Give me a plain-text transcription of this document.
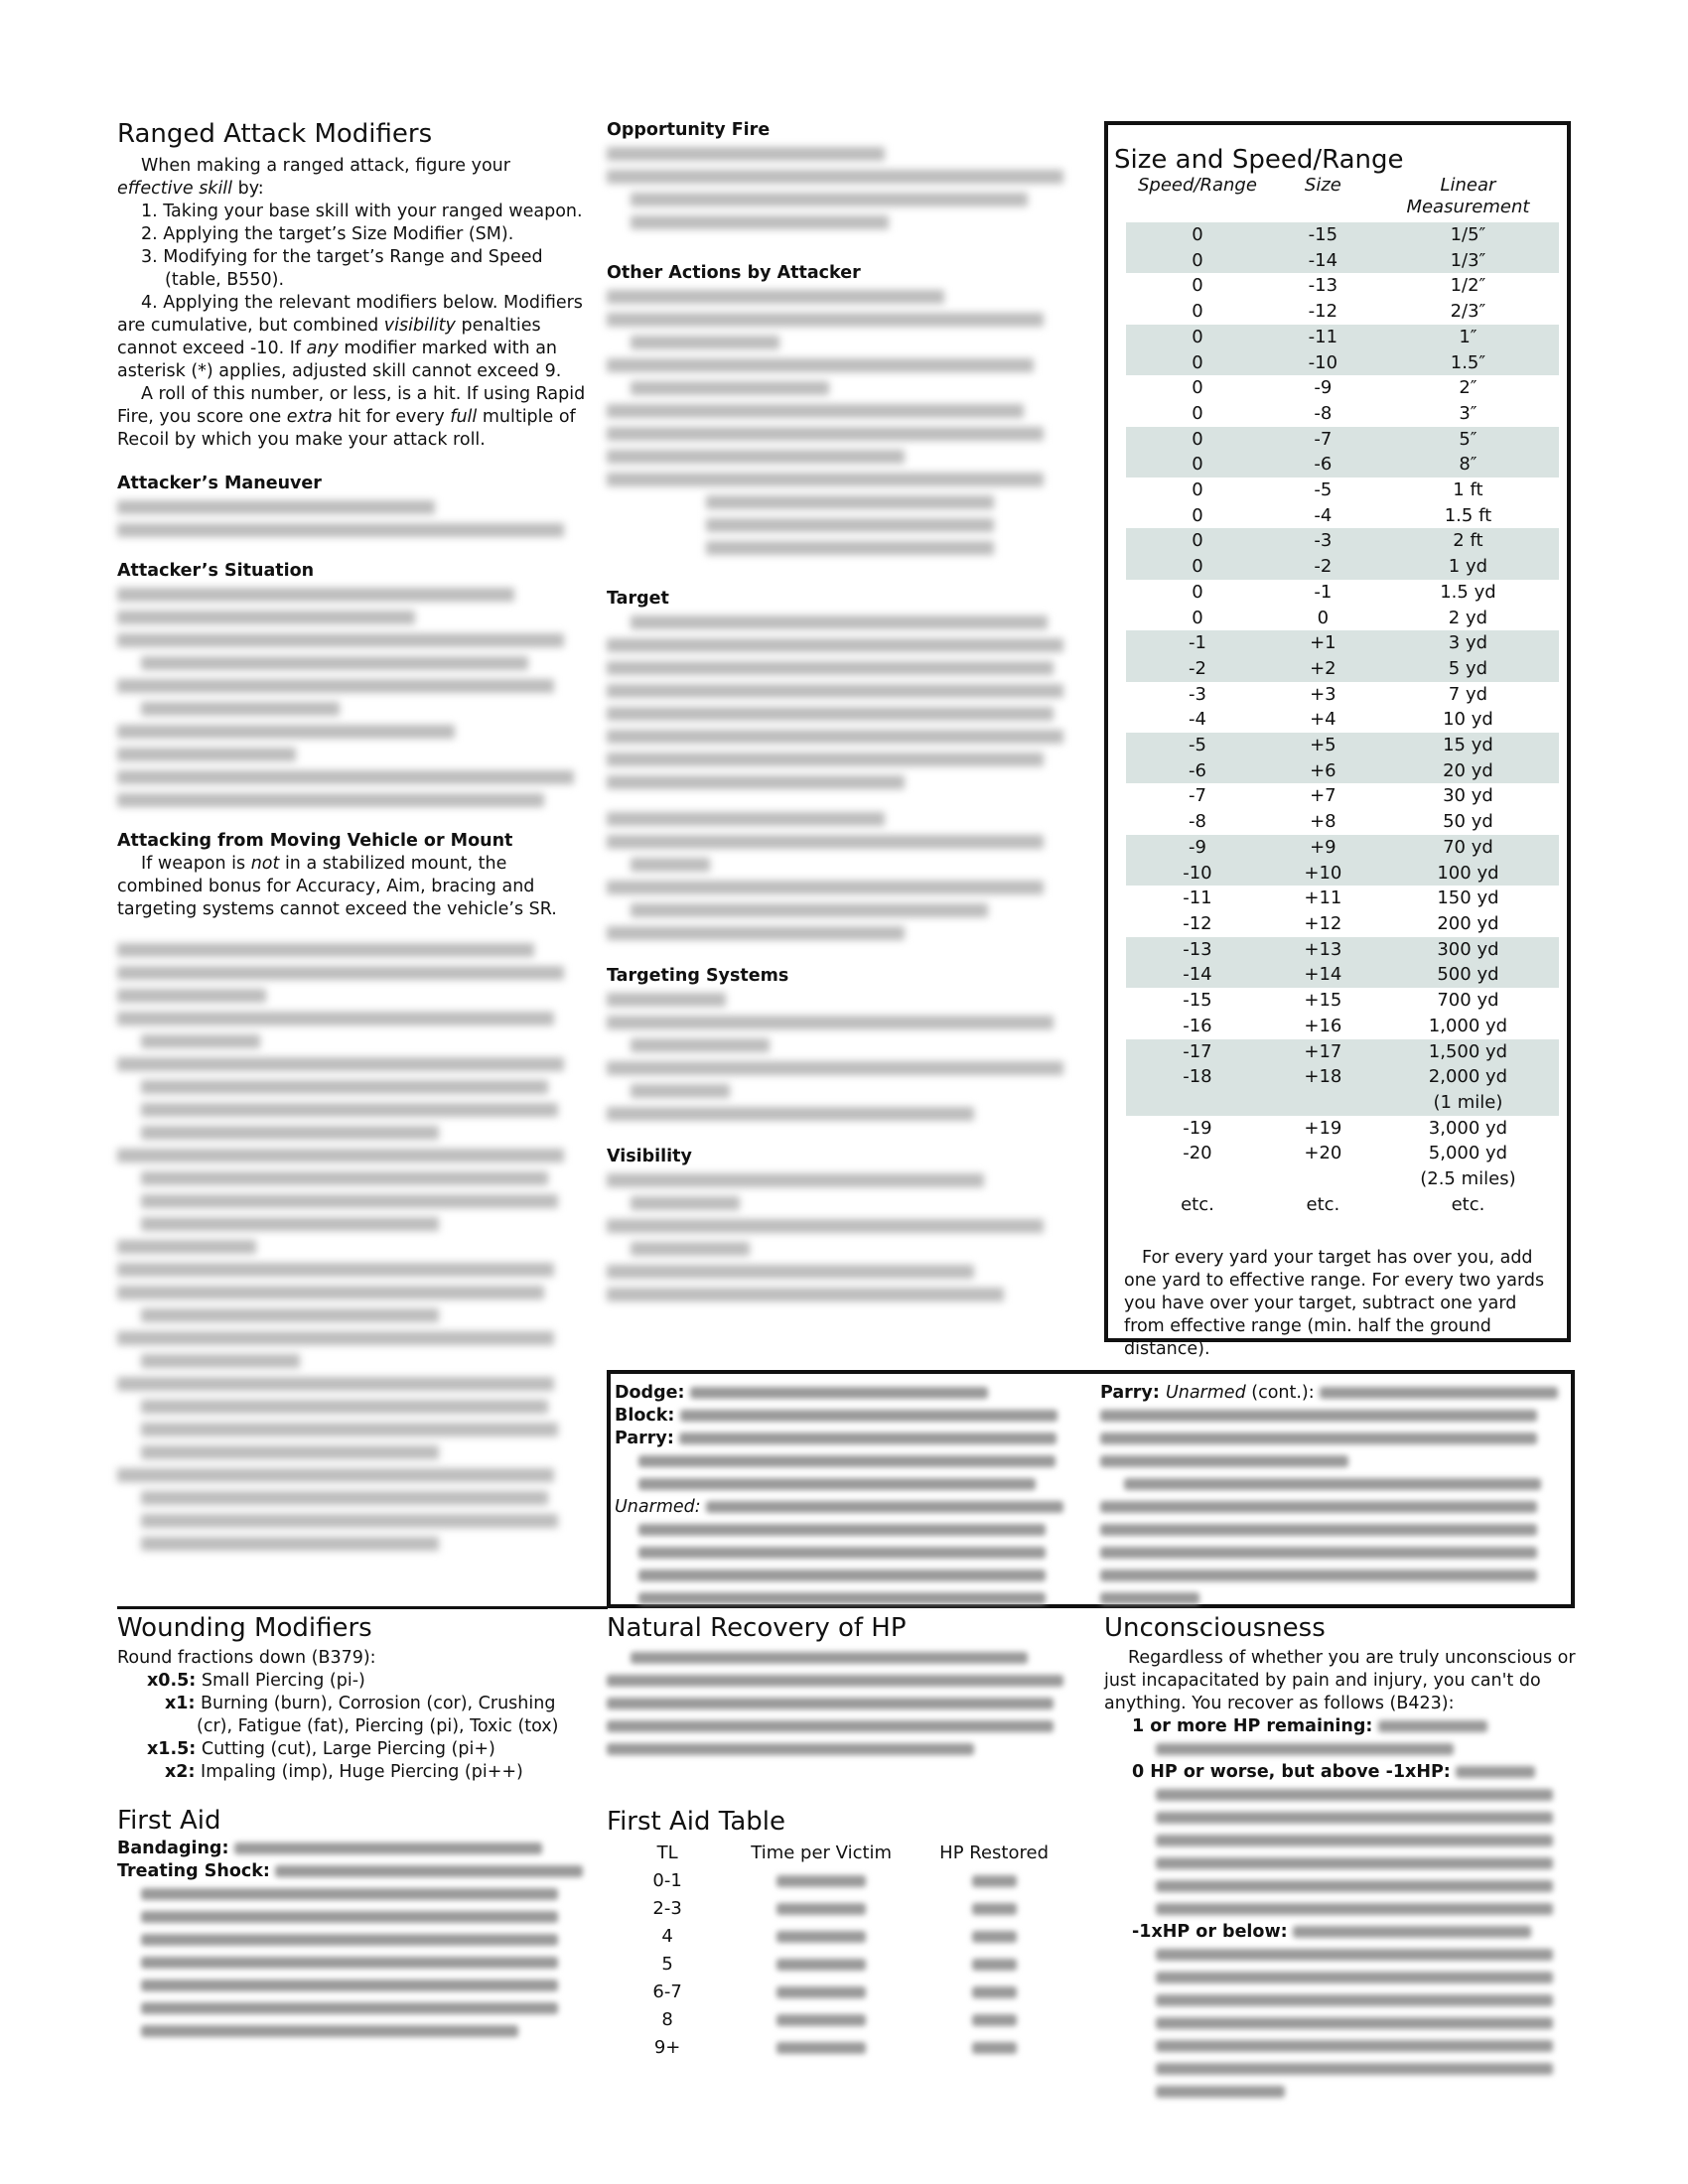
Ranged Attack Modifiers

When making a ranged attack, figure your effective skill by:

1. Taking your base skill with your ranged weapon.
2. Applying the target’s Size Modifier (SM).
3. Modifying for the target’s Range and Speed (table, B550).

4. Applying the relevant modifiers below. Modifiers are cumulative, but combined visibility penalties cannot exceed -10. If any modifier marked with an asterisk (*) applies, adjusted skill cannot exceed 9.

A roll of this number, or less, is a hit. If using Rapid Fire, you score one extra hit for every full multiple of Recoil by which you make your attack roll.

Attacker’s Maneuver
Attacker’s Situation
Attacking from Moving Vehicle or Mount

If weapon is not in a stabilized mount, the combined bonus for Accuracy, Aim, bracing and targeting systems cannot exceed the vehicle’s SR.

Opportunity Fire
Other Actions by Attacker
Target
Targeting Systems
Visibility
Size and Speed/Range
Speed/Range	Size	Linear Measurement
0	-15	1/5″
0	-14	1/3″
0	-13	1/2″
0	-12	2/3″
0	-11	1″
0	-10	1.5″
0	-9	2″
0	-8	3″
0	-7	5″
0	-6	8″
0	-5	1 ft
0	-4	1.5 ft
0	-3	2 ft
0	-2	1 yd
0	-1	1.5 yd
0	0	2 yd
-1	+1	3 yd
-2	+2	5 yd
-3	+3	7 yd
-4	+4	10 yd
-5	+5	15 yd
-6	+6	20 yd
-7	+7	30 yd
-8	+8	50 yd
-9	+9	70 yd
-10	+10	100 yd
-11	+11	150 yd
-12	+12	200 yd
-13	+13	300 yd
-14	+14	500 yd
-15	+15	700 yd
-16	+16	1,000 yd
-17	+17	1,500 yd
-18	+18	2,000 yd
		(1 mile)
-19	+19	3,000 yd
-20	+20	5,000 yd
		(2.5 miles)
etc.	etc.	etc.

For every yard your target has over you, add one yard to effective range. For every two yards you have over your target, subtract one yard from effective range (min. half the ground distance).

Dodge:
Block:
Parry:
Unarmed:
Parry: Unarmed (cont.):
Wounding Modifiers

Round fractions down (B379):

x0.5: Small Piercing (pi-)
x1: Burning (burn), Corrosion (cor), Crushing (cr), Fatigue (fat), Piercing (pi), Toxic (tox)
x1.5: Cutting (cut), Large Piercing (pi+)
x2: Impaling (imp), Huge Piercing (pi++)
First Aid
Bandaging:
Treating Shock:
Natural Recovery of HP
First Aid Table
TL	Time per Victim	HP Restored
0-1		
2-3		
4		
5		
6-7		
8		
9+		
Unconsciousness

Regardless of whether you are truly unconscious or just incapacitated by pain and injury, you can't do anything. You recover as follows (B423):

1 or more HP remaining:
0 HP or worse, but above -1xHP:
-1xHP or below:
